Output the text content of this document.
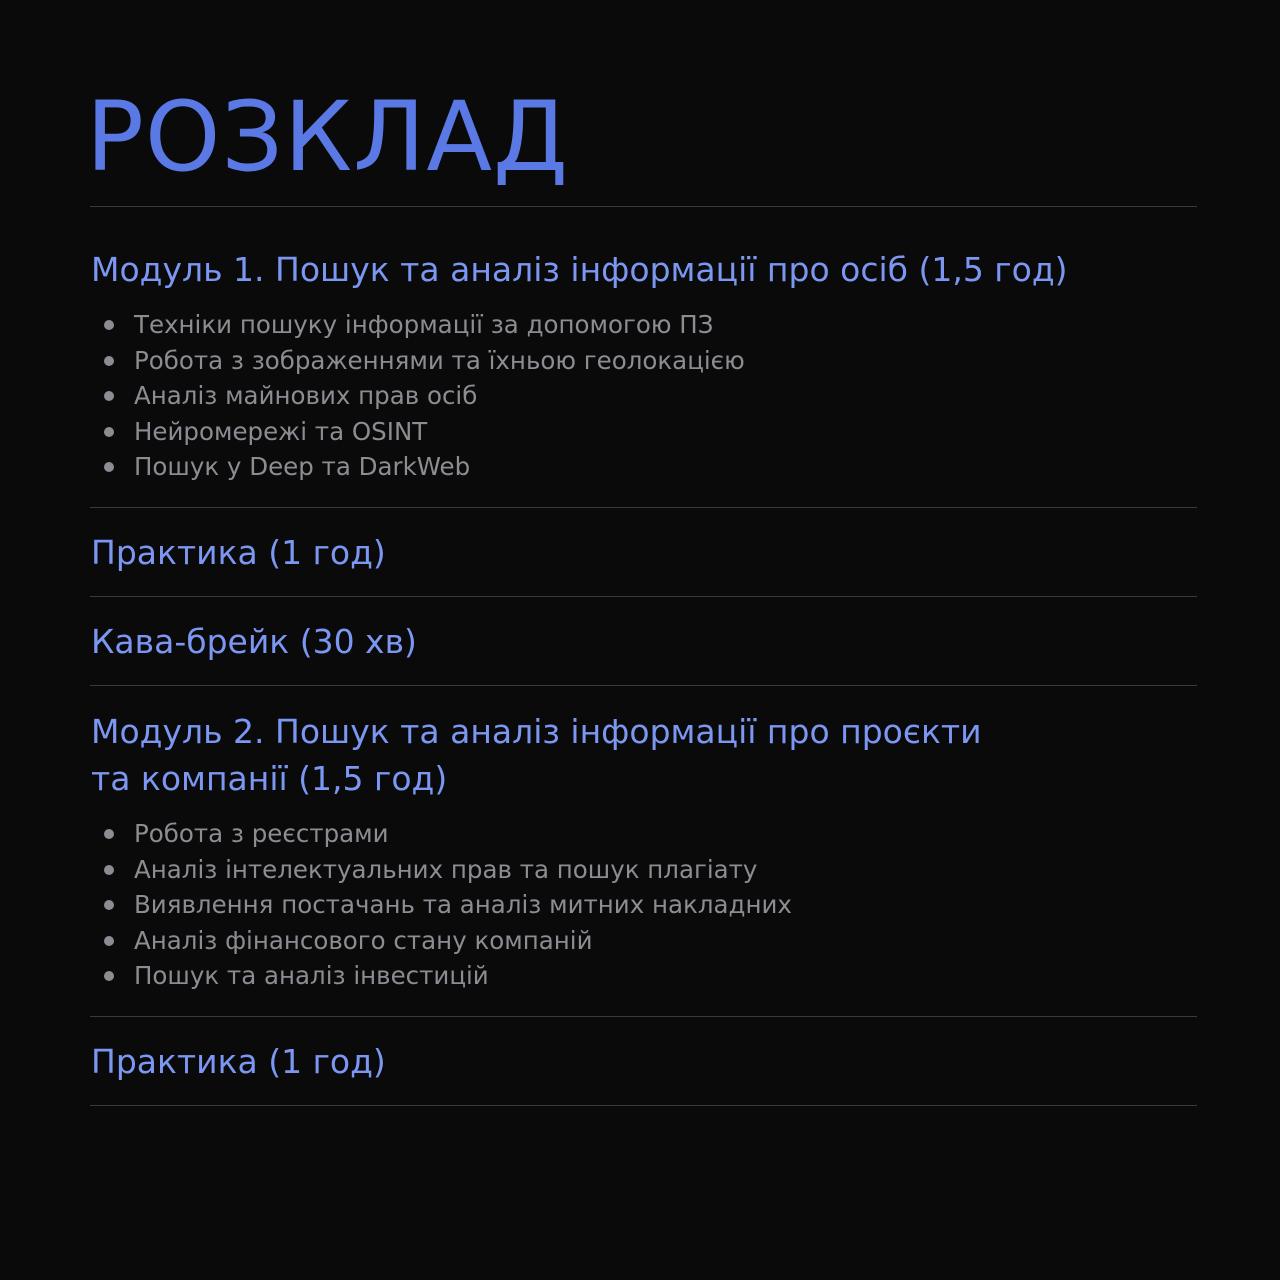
РОЗКЛАД
Модуль 1. Пошук та аналіз інформації про осіб (1,5 год)
Техніки пошуку інформації за допомогою ПЗ
Робота з зображеннями та їхньою геолокацією
Аналіз майнових прав осіб
Нейромережі та OSINT
Пошук у Deep та DarkWeb
Практика (1 год)
Кава-брейк (30 хв)
Модуль 2. Пошук та аналіз інформації про проєкти
та компанії (1,5 год)
Робота з реєстрами
Аналіз інтелектуальних прав та пошук плагіату
Виявлення постачань та аналіз митних накладних
Аналіз фінансового стану компаній
Пошук та аналіз інвестицій
Практика (1 год)
